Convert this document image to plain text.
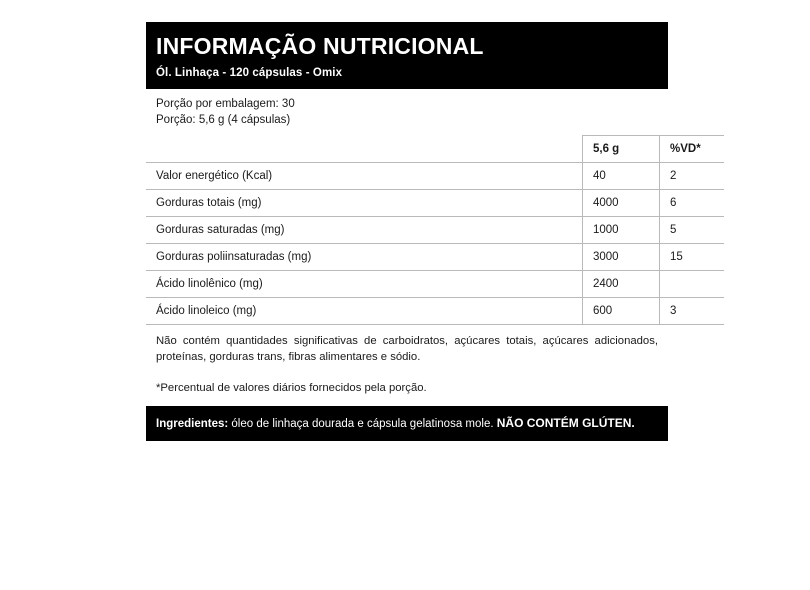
INFORMAÇÃO NUTRICIONAL
Ól. Linhaça - 120 cápsulas - Omix
Porção por embalagem: 30
Porção: 5,6 g (4 cápsulas)
	5,6 g	%VD*
Valor energético (Kcal)	40	2
Gorduras totais (mg)	4000	6
Gorduras saturadas (mg)	1000	5
Gorduras poliinsaturadas (mg)	3000	15
Ácido linolênico (mg)	2400	
Ácido linoleico (mg)	600	3

Não contém quantidades significativas de carboidratos, açúcares totais, açúcares adicionados, proteínas, gorduras trans, fibras alimentares e sódio.

*Percentual de valores diários fornecidos pela porção.

Ingredientes: óleo de linhaça dourada e cápsula gelatinosa mole. NÃO CONTÉM GLÚTEN.
